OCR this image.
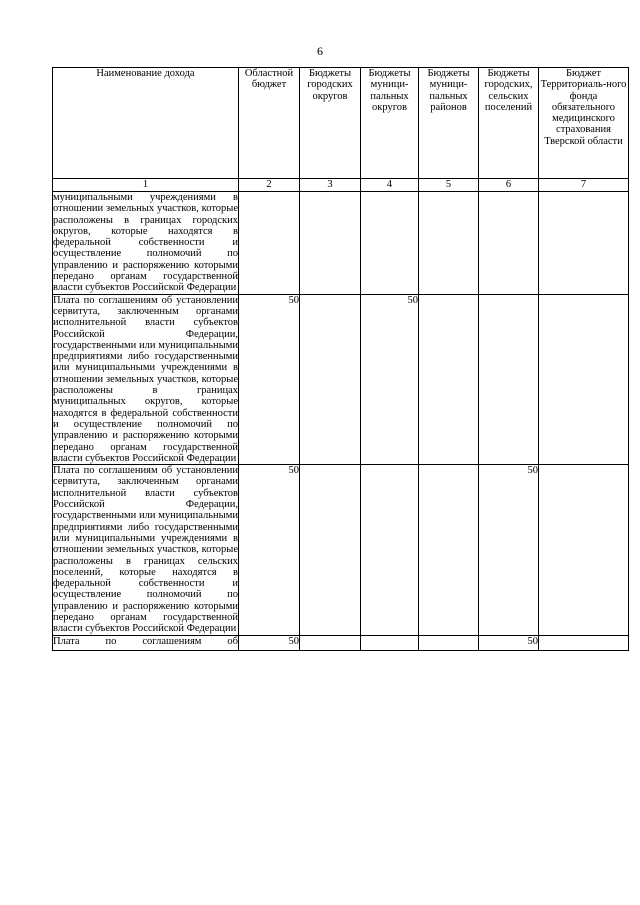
6
Наименование дохода	Областной бюджет	Бюджеты городских округов	Бюджеты муници-пальных округов	Бюджеты муници-пальных районов	Бюджеты городских, сельских поселений	Бюджет Территориаль-ного фонда обязательного медицинского страхования Тверской области
1	2	3	4	5	6	7
муниципальными учреждениями в отношении земельных участков, которые расположены в границах городских округов, которые находятся в федеральной собственности и осуществление полномочий по управлению и распоряжению которыми передано органам государственной власти субъектов Российской Федерации						
Плата по соглашениям об установлении сервитута, заключенным органами исполнительной власти субъектов Российской Федерации, государственными или муниципальными предприятиями либо государственными или муниципальными учреждениями в отношении земельных участков, которые расположены в границах муниципальных округов, которые находятся в федеральной собственности и осуществление полномочий по управлению и распоряжению которыми передано органам государственной власти субъектов Российской Федерации	50		50			
Плата по соглашениям об установлении сервитута, заключенным органами исполнительной власти субъектов Российской Федерации, государственными или муниципальными предприятиями либо государственными или муниципальными учреждениями в отношении земельных участков, которые расположены в границах сельских поселений, которые находятся в федеральной собственности и осуществление полномочий по управлению и распоряжению которыми передано органам государственной власти субъектов Российской Федерации	50				50	
Плата по соглашениям об	50				50	
